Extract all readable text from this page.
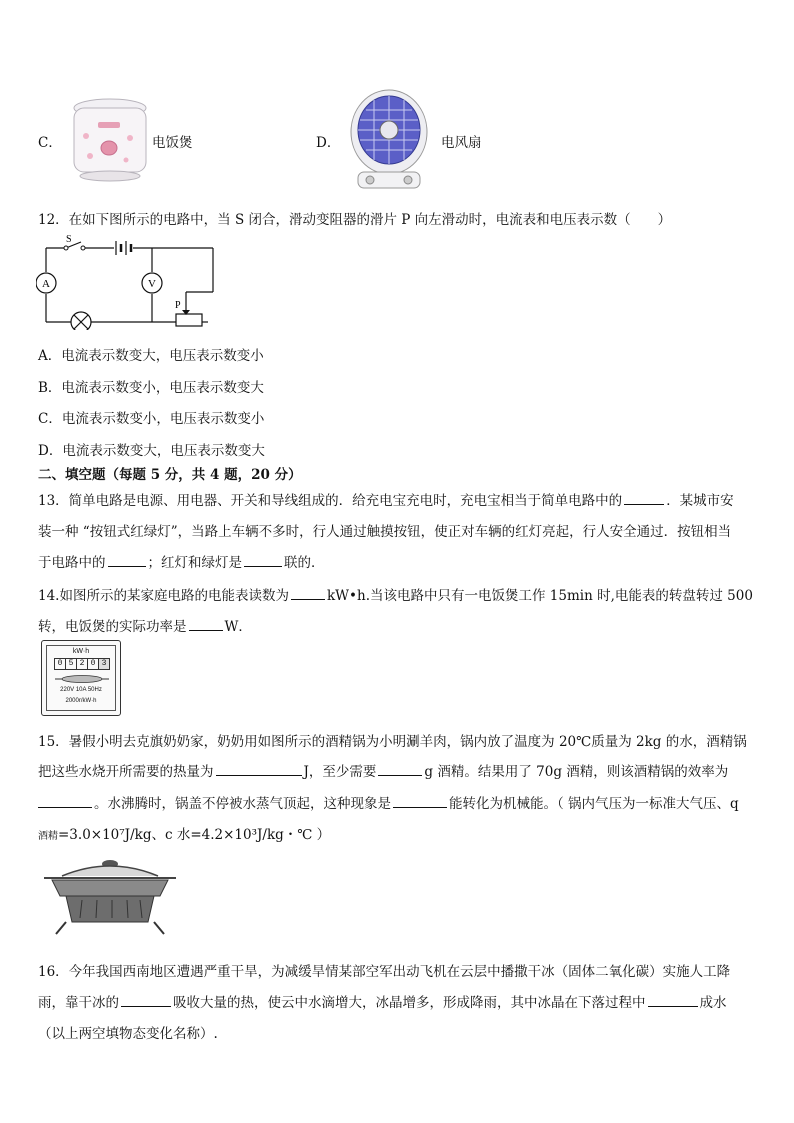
C．	电饭煲	D．	电风扇
12．在如下图所示的电路中，当 S 闭合，滑动变阻器的滑片 P 向左滑动时，电流表和电压表示数（　　）
A	V
S
P
A．电流表示数变大，电压表示数变小
B．电流表示数变小，电压表示数变大
C．电流表示数变小，电压表示数变小
D．电流表示数变大，电压表示数变大
二、填空题（每题 5 分，共 4 题，20 分）
13．简单电路是电源、用电器、开关和导线组成的．给充电宝充电时，充电宝相当于简单电路中的	．某城市安
装一种 “按钮式红绿灯”，当路上车辆不多时，行人通过触摸按钮，使正对车辆的红灯亮起，行人安全通过．按钮相当
于电路中的	；红灯和绿灯是	联的．
14.如图所示的某家庭电路的电能表读数为	kW•h.当该电路中只有一电饭煲工作 15min 时,电能表的转盘转过 500
转，电饭煲的实际功率是	W．
kW·h
0 5 2 0 3
220V 10A 50Hz
2000r/kW·h
15．暑假小明去克旗奶奶家，奶奶用如图所示的酒精锅为小明涮羊肉，锅内放了温度为 20℃质量为 2kg 的水，酒精锅
把这些水烧开所需要的热量为	J，至少需要	g 酒精。结果用了 70g 酒精，则该酒精锅的效率为
。水沸腾时，锅盖不停被水蒸气顶起，这种现象是	能转化为机械能。（ 锅内气压为一标准大气压、q
酒精=3.0×10⁷J/kg、c 水=4.2×10³J/kg・℃ ）
16．今年我国西南地区遭遇严重干旱，为减缓旱情某部空军出动飞机在云层中播撒干冰（固体二氧化碳）实施人工降
雨，靠干冰的	吸收大量的热，使云中水滴增大，冰晶增多，形成降雨，其中冰晶在下落过程中	成水
（以上两空填物态变化名称）.
